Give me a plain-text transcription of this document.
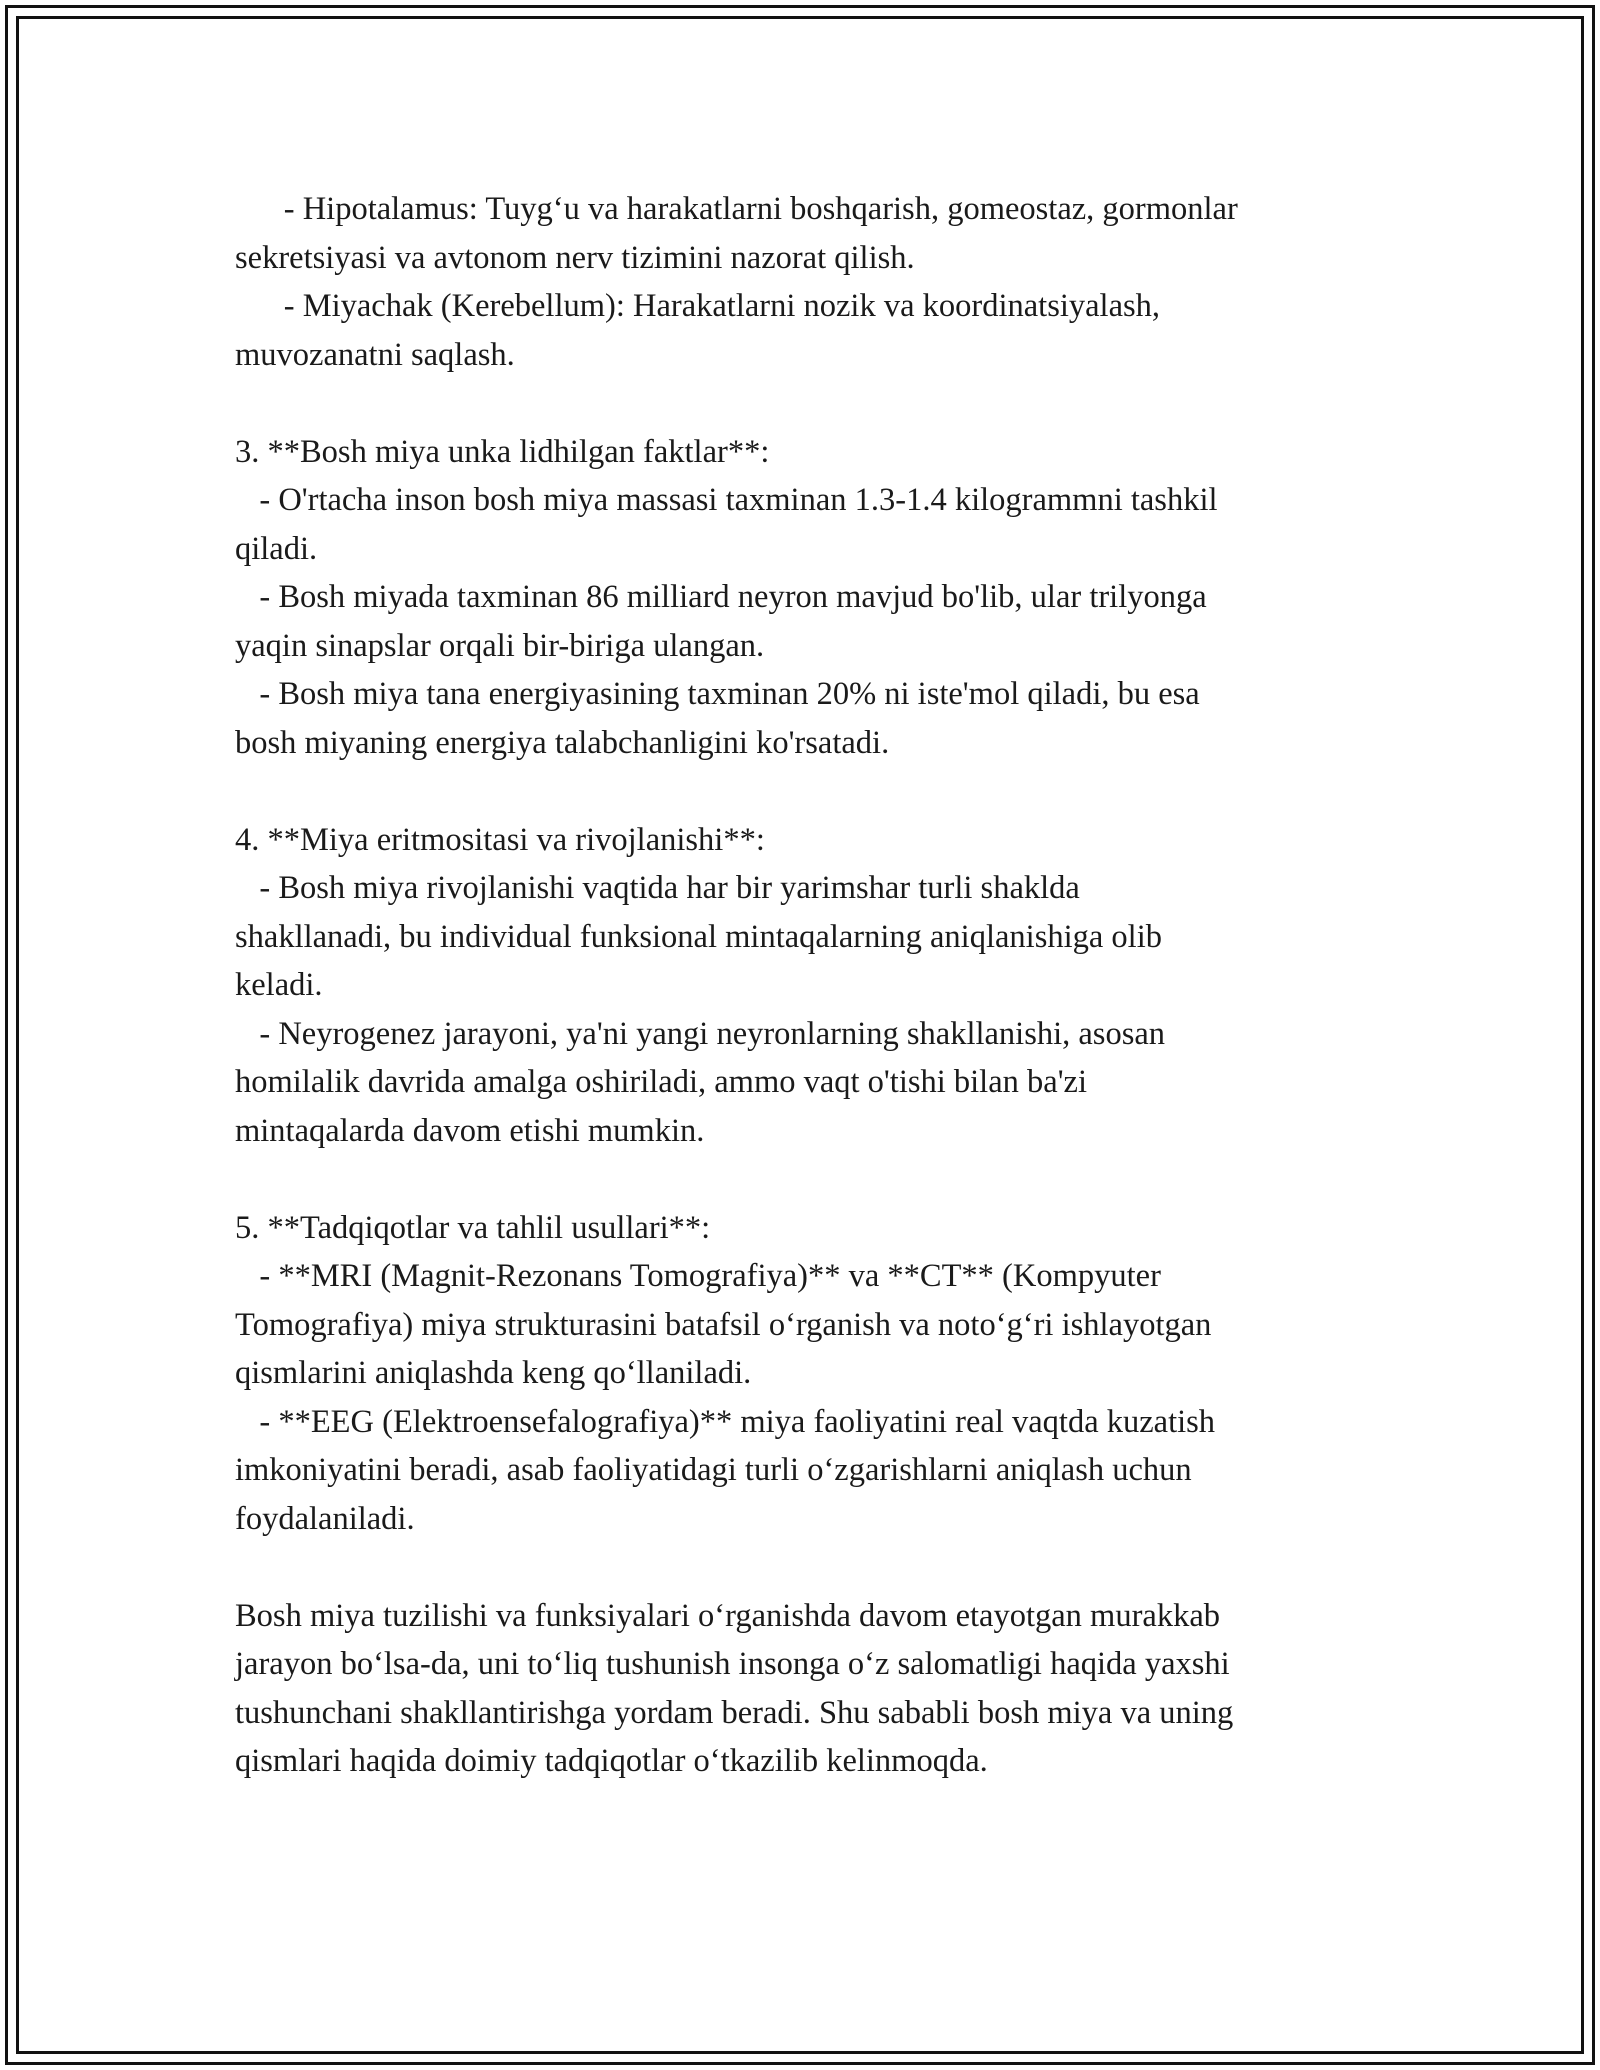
- Hipotalamus: Tuyg‘u va harakatlarni boshqarish, gomeostaz, gormonlar
sekretsiyasi va avtonom nerv tizimini nazorat qilish.
- Miyachak (Kerebellum): Harakatlarni nozik va koordinatsiyalash,
muvozanatni saqlash.
3. **Bosh miya unka lidhilgan faktlar**:
- O'rtacha inson bosh miya massasi taxminan 1.3-1.4 kilogrammni tashkil
qiladi.
- Bosh miyada taxminan 86 milliard neyron mavjud bo'lib, ular trilyonga
yaqin sinapslar orqali bir-biriga ulangan.
- Bosh miya tana energiyasining taxminan 20% ni iste'mol qiladi, bu esa
bosh miyaning energiya talabchanligini ko'rsatadi.
4. **Miya eritmositasi va rivojlanishi**:
- Bosh miya rivojlanishi vaqtida har bir yarimshar turli shaklda
shakllanadi, bu individual funksional mintaqalarning aniqlanishiga olib
keladi.
- Neyrogenez jarayoni, ya'ni yangi neyronlarning shakllanishi, asosan
homilalik davrida amalga oshiriladi, ammo vaqt o'tishi bilan ba'zi
mintaqalarda davom etishi mumkin.
5. **Tadqiqotlar va tahlil usullari**:
- **MRI (Magnit-Rezonans Tomografiya)** va **CT** (Kompyuter
Tomografiya) miya strukturasini batafsil o‘rganish va noto‘g‘ri ishlayotgan
qismlarini aniqlashda keng qo‘llaniladi.
- **EEG (Elektroensefalografiya)** miya faoliyatini real vaqtda kuzatish
imkoniyatini beradi, asab faoliyatidagi turli o‘zgarishlarni aniqlash uchun
foydalaniladi.
Bosh miya tuzilishi va funksiyalari o‘rganishda davom etayotgan murakkab
jarayon bo‘lsa-da, uni to‘liq tushunish insonga o‘z salomatligi haqida yaxshi
tushunchani shakllantirishga yordam beradi. Shu sababli bosh miya va uning
qismlari haqida doimiy tadqiqotlar o‘tkazilib kelinmoqda.
